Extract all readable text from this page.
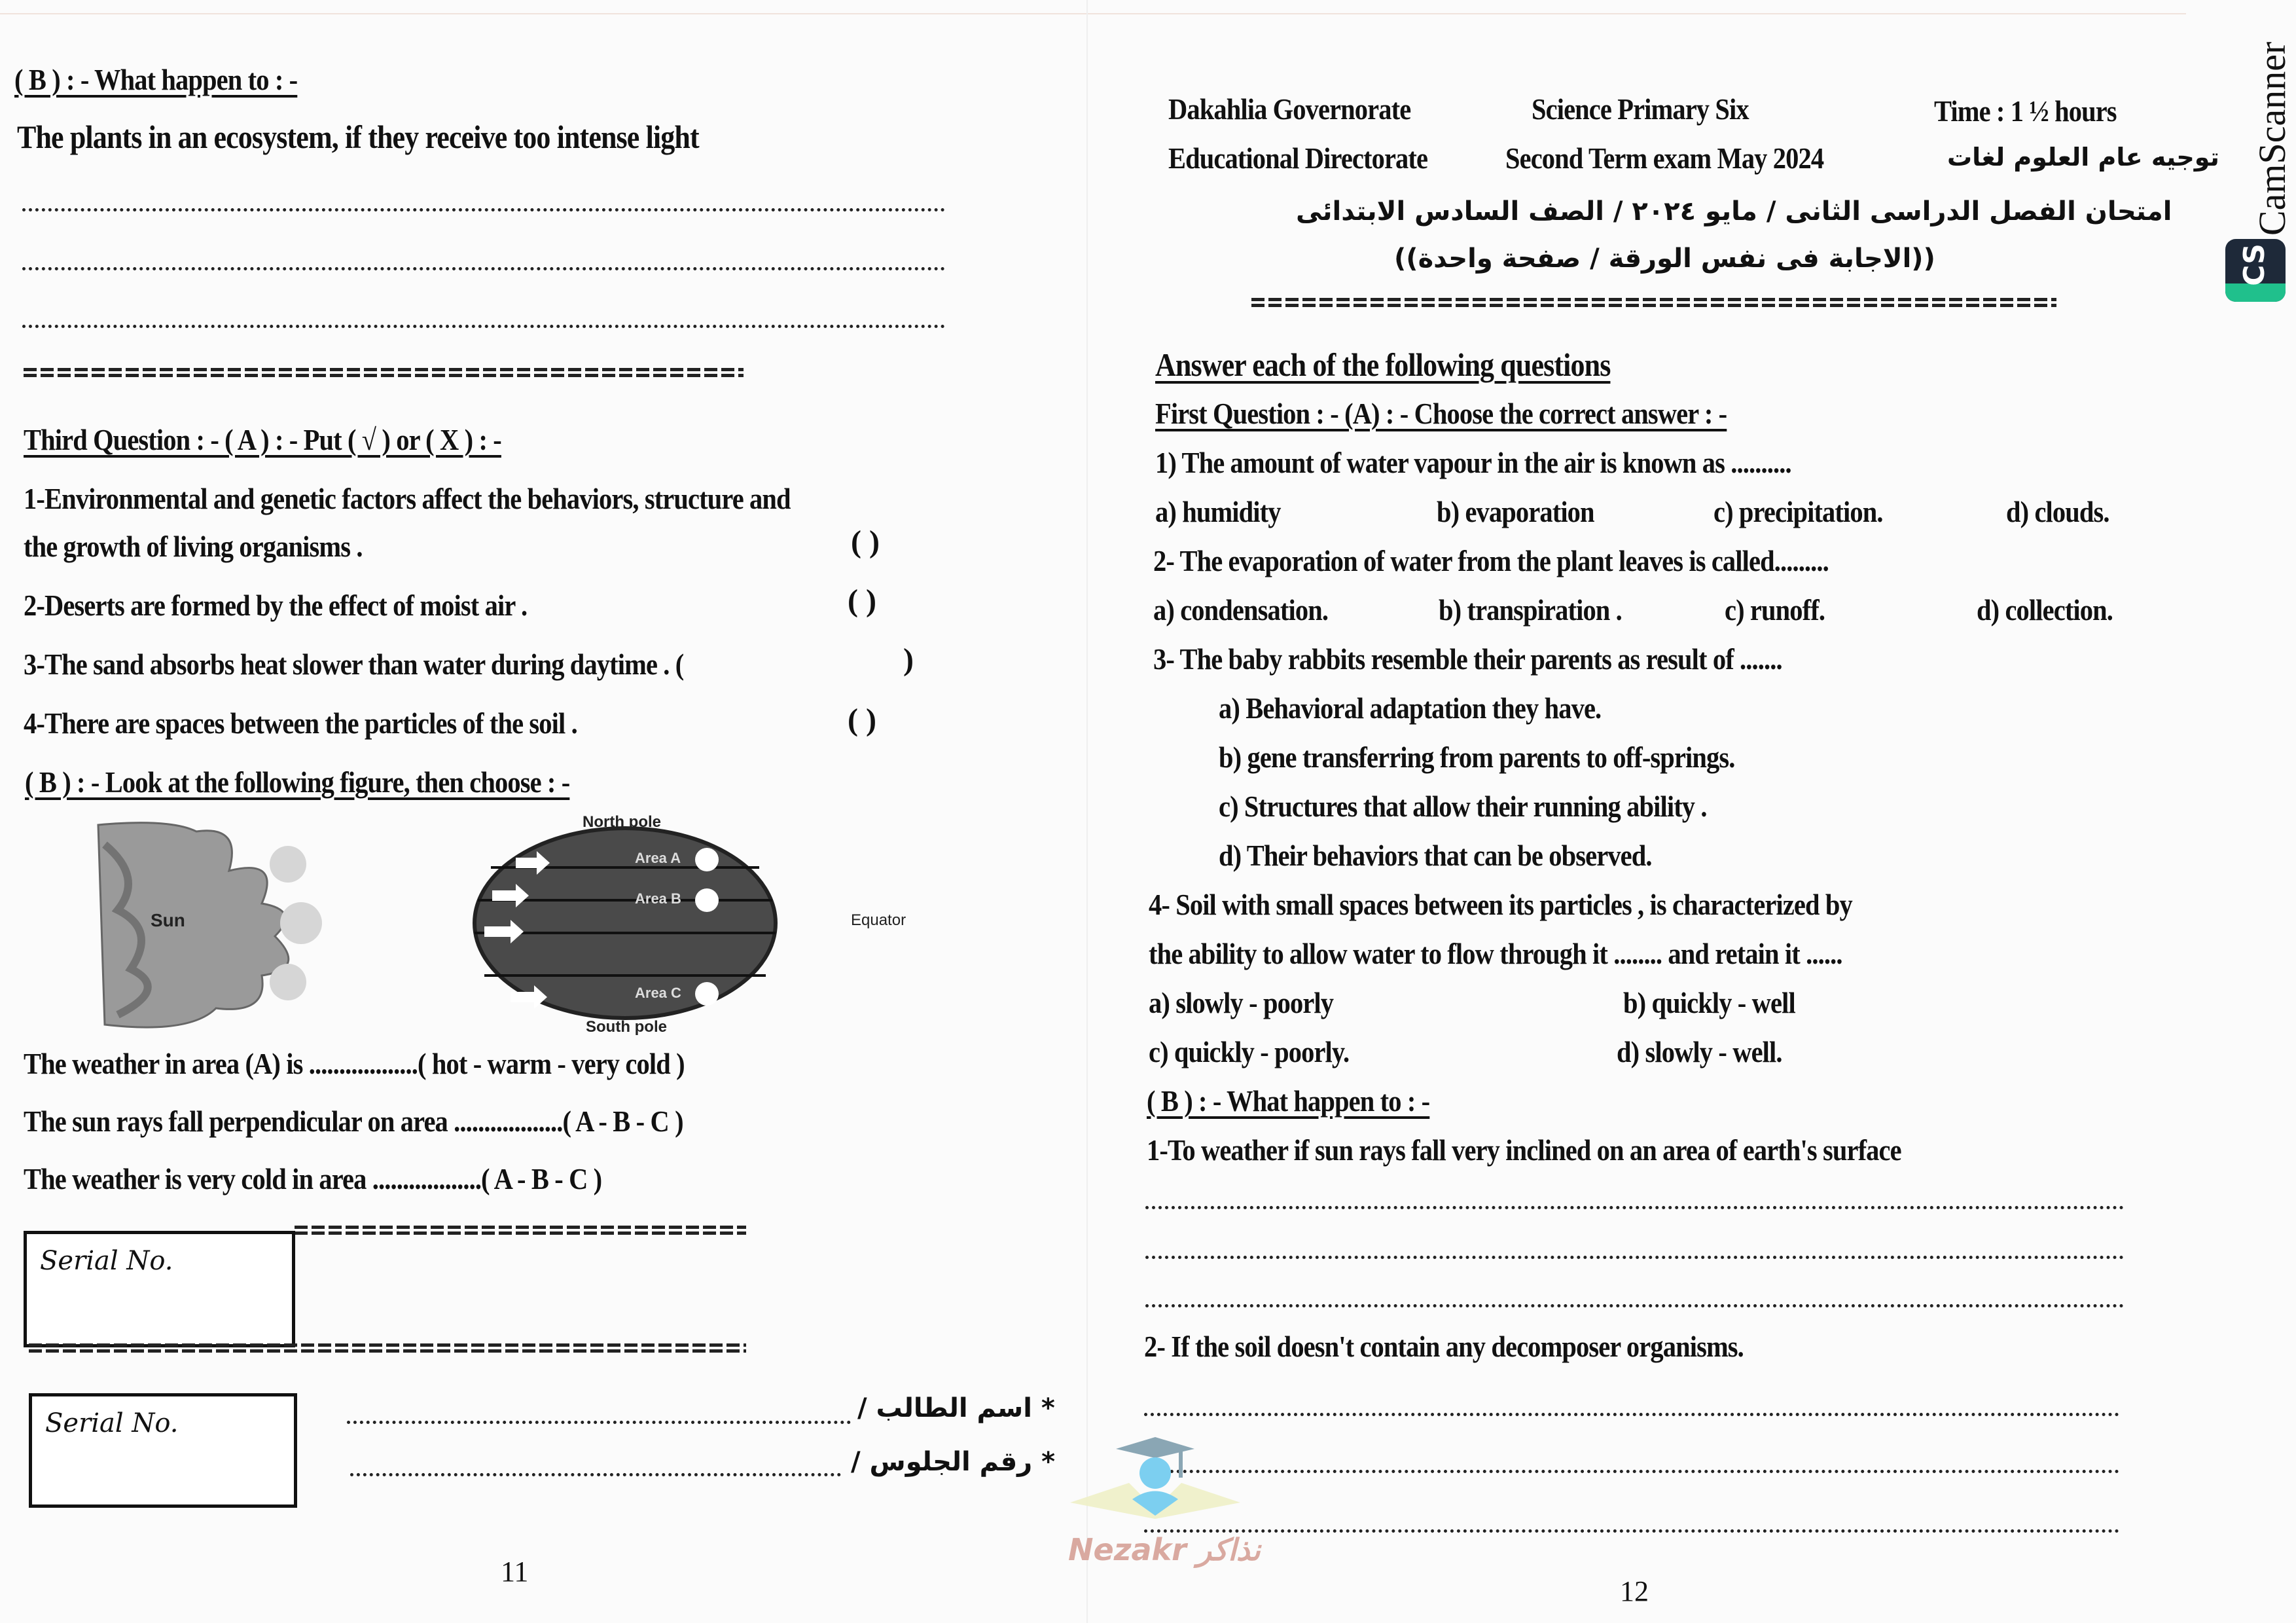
( B ) : - What happen to : -
The plants in an ecosystem, if they receive too intense light
Third Question : - ( A ) : - Put ( √ ) or ( X ) : -
1-Environmental and genetic factors affect the behaviors, structure and
the growth of living organisms .	( )
2-Deserts are formed by the effect of moist air .	( )
3-The sand absorbs heat slower than water during daytime . (	)
4-There are spaces between the particles of the soil .	( )
( B ) : - Look at the following figure, then choose : -
Sun
North pole
South pole
Equator
Area A
Area B
Area C
The weather in area (A) is ..................( hot - warm - very cold )
The sun rays fall perpendicular on area ..................( A - B - C )
The weather is very cold in area ..................( A - B - C )
Serial No.
Serial No.	* اسم الطالب /
* رقم الجلوس /
11
Dakahlia Governorate	Science Primary Six	Time : 1 ½ hours
Educational Directorate	Second Term exam May 2024	توجيه عام العلوم لغات
امتحان الفصل الدراسى الثانى / مايو ٢٠٢٤ / الصف السادس الابتدائى
((الاجابة فى نفس الورقة / صفحة واحدة))
Answer each of the following questions
First Question : - (A) : - Choose the correct answer : -
1) The amount of water vapour in the air is known as ..........
a) humidity	b) evaporation	c) precipitation.	d) clouds.
2- The evaporation of water from the plant leaves is called.........
a) condensation.	b) transpiration .	c) runoff.	d) collection.
3- The baby rabbits resemble their parents as result of .......
a) Behavioral adaptation they have.
b) gene transferring from parents to off-springs.
c) Structures that allow their running ability .
d) Their behaviors that can be observed.
4- Soil with small spaces between its particles , is characterized by
the ability to allow water to flow through it ........ and retain it ......
a) slowly - poorly	b) quickly - well
c) quickly - poorly.	d) slowly - well.
( B ) : - What happen to : -
1-To weather if sun rays fall very inclined on an area of earth's surface
2- If the soil doesn't contain any decomposer organisms.
12
Nezakr نذاكر
CamScanner
CS
